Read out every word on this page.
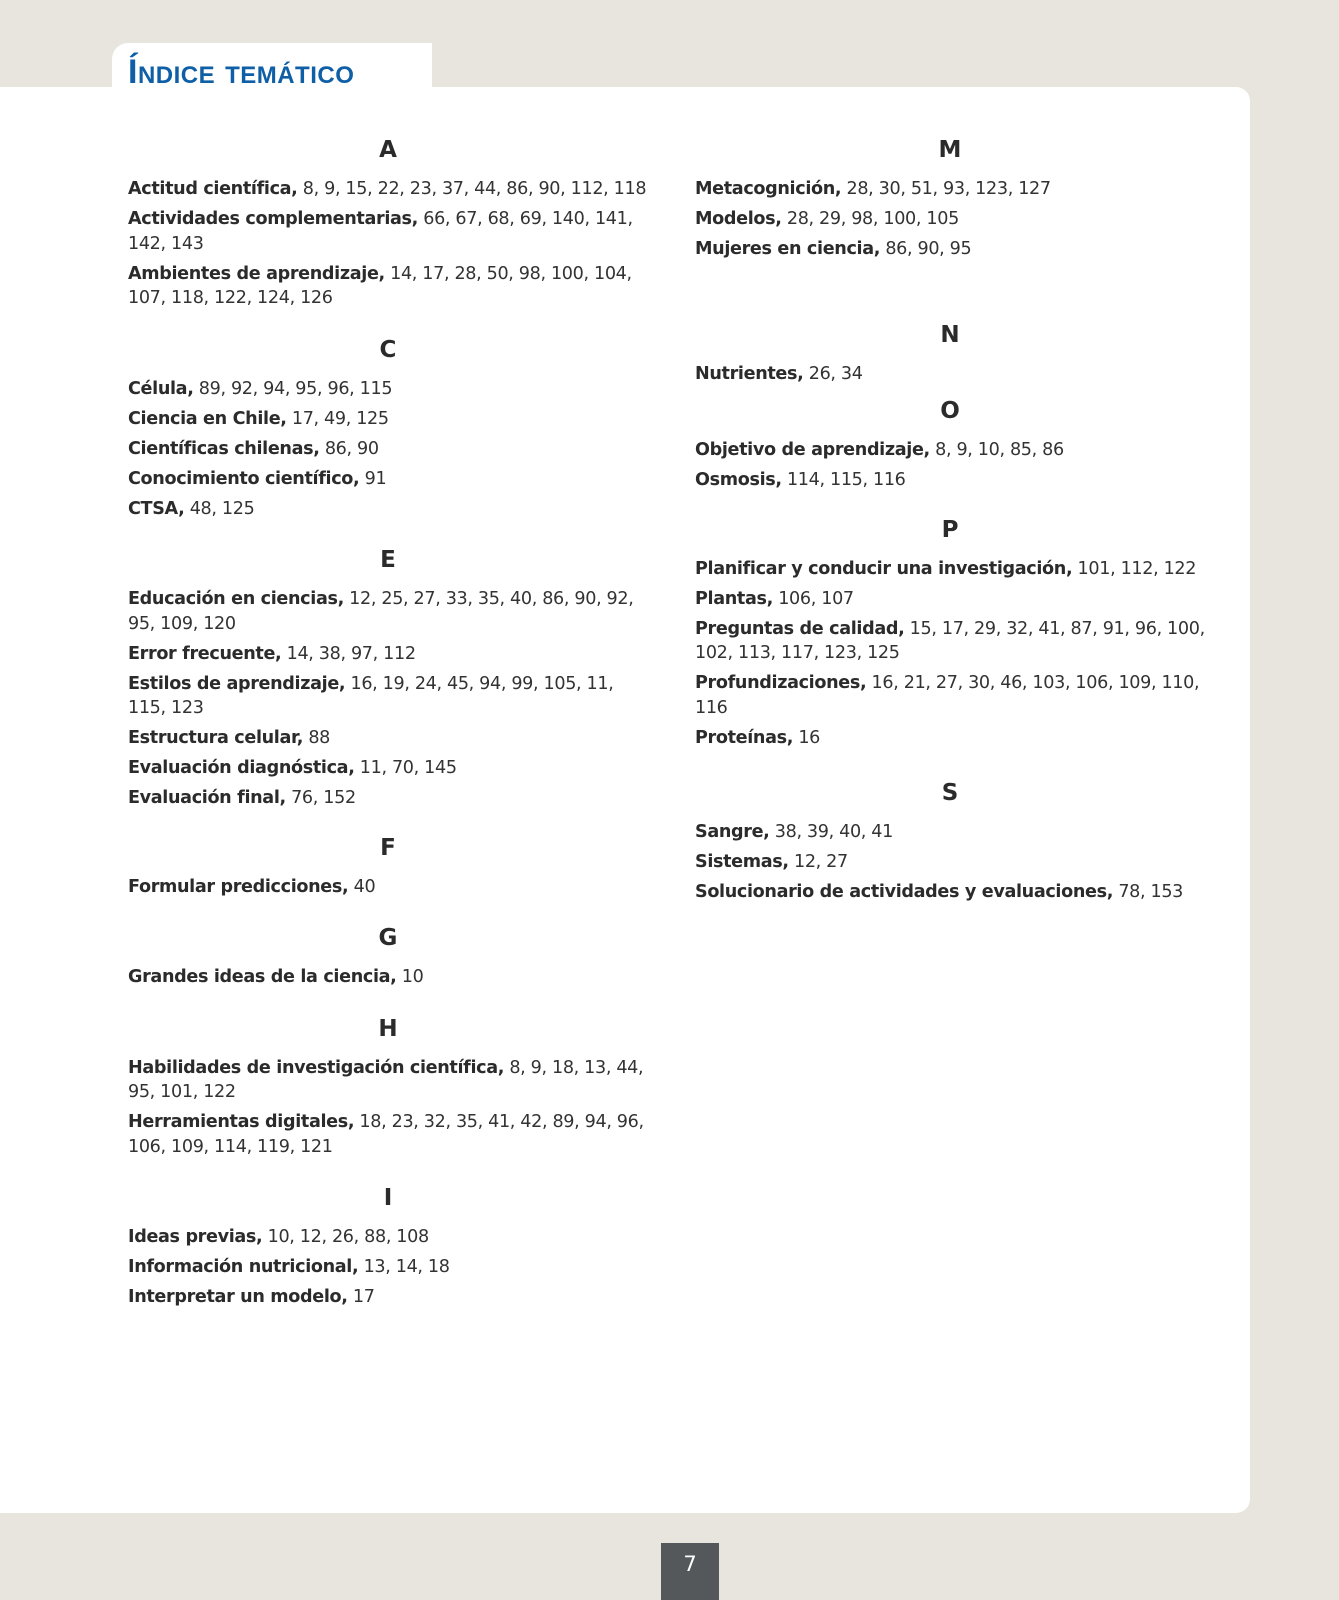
Índice temático
A
Actitud científica, 8, 9, 15, 22, 23, 37, 44, 86, 90, 112, 118
Actividades complementarias, 66, 67, 68, 69, 140, 141, 142, 143
Ambientes de aprendizaje, 14, 17, 28, 50, 98, 100, 104, 107, 118, 122, 124, 126
C
Célula, 89, 92, 94, 95, 96, 115
Ciencia en Chile, 17, 49, 125
Científicas chilenas, 86, 90
Conocimiento científico, 91
CTSA, 48, 125
E
Educación en ciencias, 12, 25, 27, 33, 35, 40, 86, 90, 92, 95, 109, 120
Error frecuente, 14, 38, 97, 112
Estilos de aprendizaje, 16, 19, 24, 45, 94, 99, 105, 11, 115, 123
Estructura celular, 88
Evaluación diagnóstica, 11, 70, 145
Evaluación final, 76, 152
F
Formular predicciones, 40
G
Grandes ideas de la ciencia, 10
H
Habilidades de investigación científica, 8, 9, 18, 13, 44, 95, 101, 122
Herramientas digitales, 18, 23, 32, 35, 41, 42, 89, 94, 96, 106, 109, 114, 119, 121
I
Ideas previas, 10, 12, 26, 88, 108
Información nutricional, 13, 14, 18
Interpretar un modelo, 17
M
Metacognición, 28, 30, 51, 93, 123, 127
Modelos, 28, 29, 98, 100, 105
Mujeres en ciencia, 86, 90, 95
N
Nutrientes, 26, 34
O
Objetivo de aprendizaje, 8, 9, 10, 85, 86
Osmosis, 114, 115, 116
P
Planificar y conducir una investigación, 101, 112, 122
Plantas, 106, 107
Preguntas de calidad, 15, 17, 29, 32, 41, 87, 91, 96, 100, 102, 113, 117, 123, 125
Profundizaciones, 16, 21, 27, 30, 46, 103, 106, 109, 110, 116
Proteínas, 16
S
Sangre, 38, 39, 40, 41
Sistemas, 12, 27
Solucionario de actividades y evaluaciones, 78, 153
7
